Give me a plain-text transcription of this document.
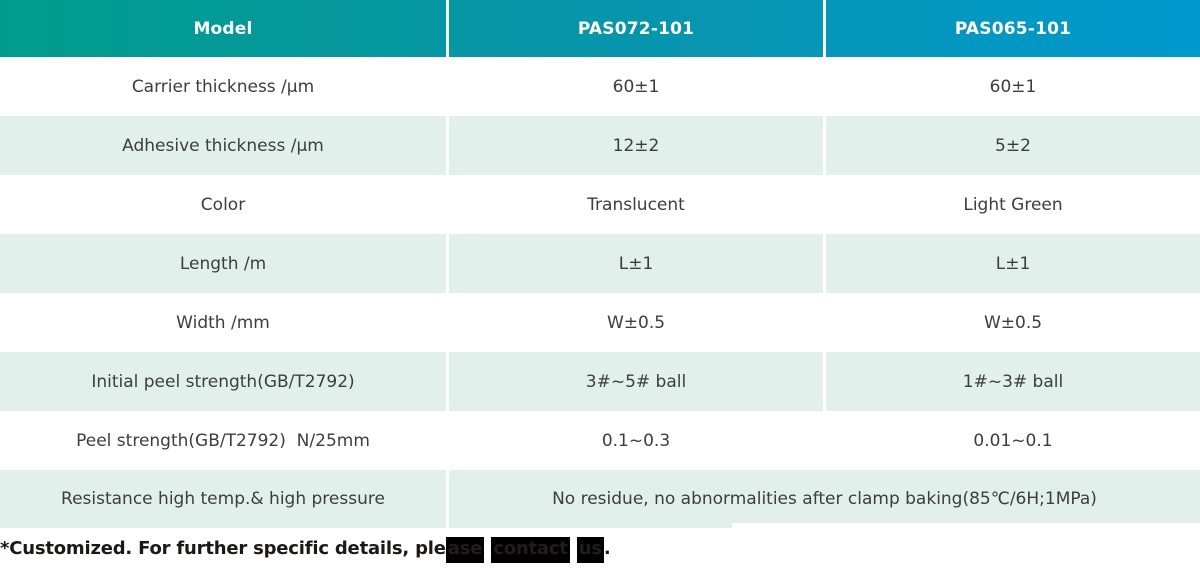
Model	PAS072-101	PAS065-101
Carrier thickness /μm	60±1	60±1
Adhesive thickness /μm	12±2	5±2
Color	Translucent	Light Green
Length /m	L±1	L±1
Width /mm	W±0.5	W±0.5
Initial peel strength(GB/T2792)	3#~5# ball	1#~3# ball
Peel strength(GB/T2792)  N/25mm	0.1~0.3	0.01~0.1
Resistance high temp.& high pressure	No residue, no abnormalities after clamp baking(85℃/6H;1MPa)
*Customized. For further specific details, ple ase contact us .
